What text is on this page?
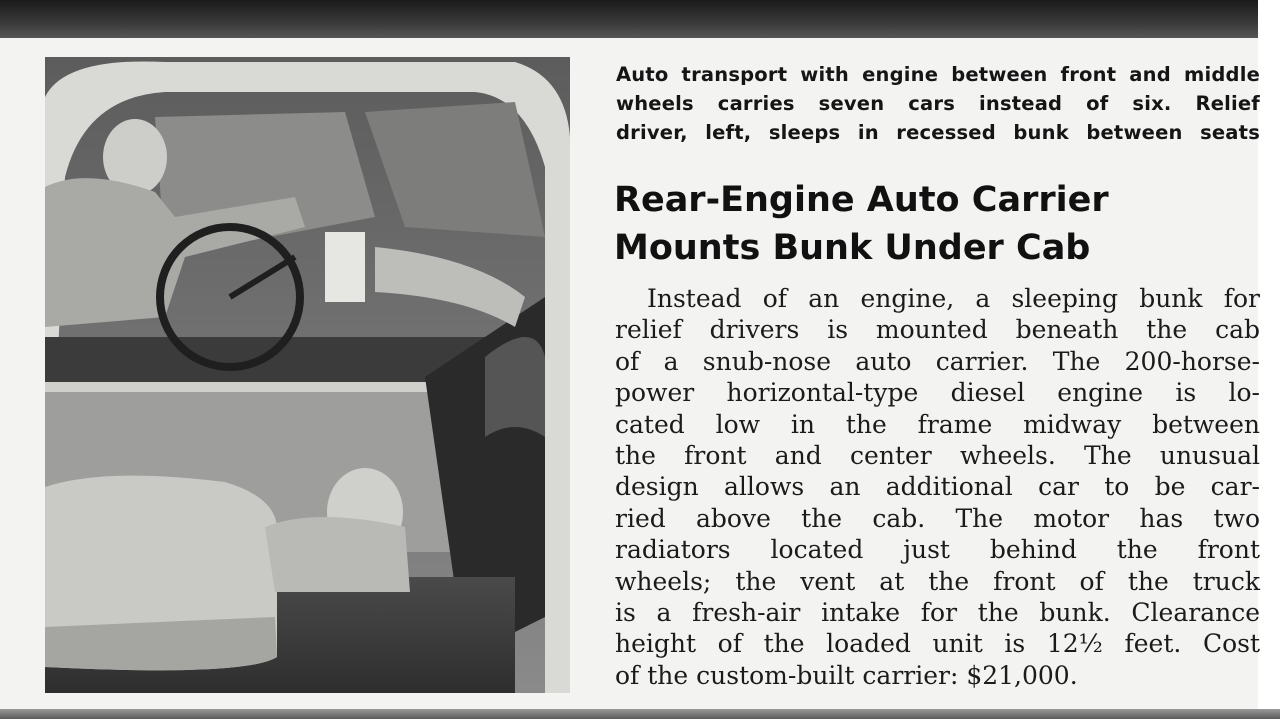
Auto transport with engine between front and middle
wheels carries seven cars instead of six. Relief
driver, left, sleeps in recessed bunk between seats
Rear-Engine Auto Carrier
Mounts Bunk Under Cab
Instead of an engine, a sleeping bunk for
relief drivers is mounted beneath the cab
of a snub-nose auto carrier. The 200-horse-
power horizontal-type diesel engine is lo-
cated low in the frame midway between
the front and center wheels. The unusual
design allows an additional car to be car-
ried above the cab. The motor has two
radiators located just behind the front
wheels; the vent at the front of the truck
is a fresh-air intake for the bunk. Clearance
height of the loaded unit is 12½ feet. Cost
of the custom-built carrier: $21,000.
